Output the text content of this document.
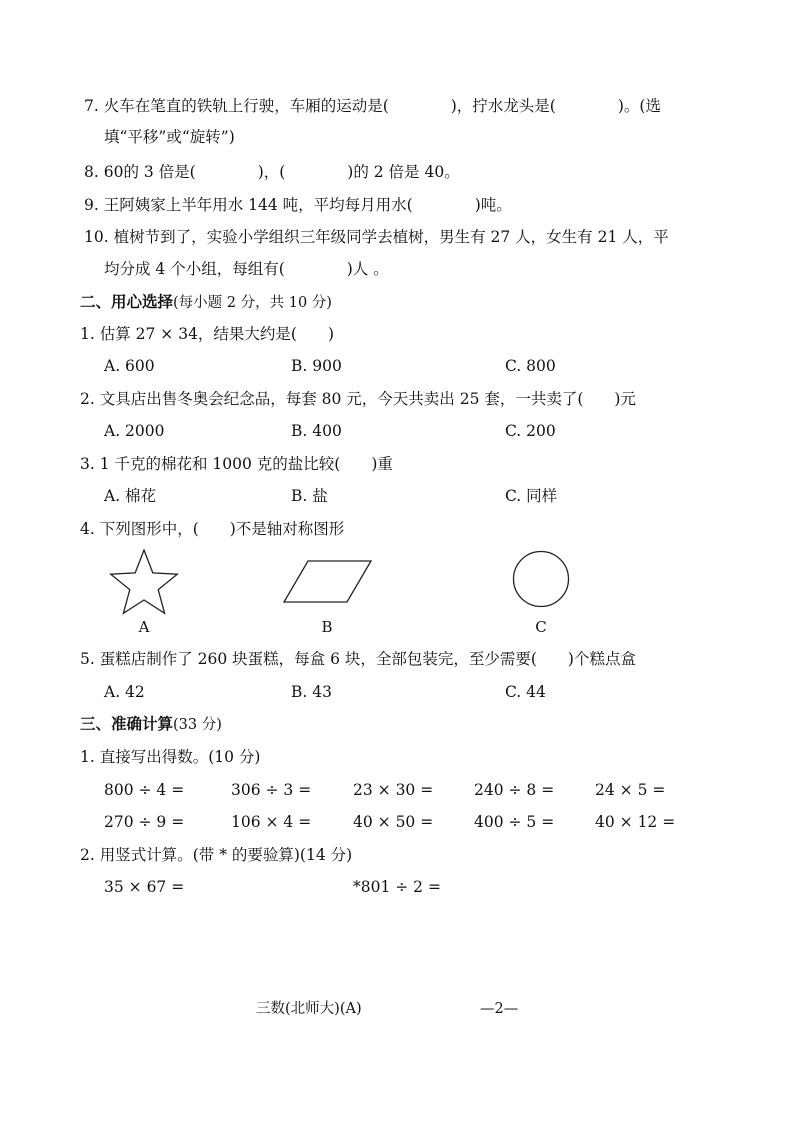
7. 火车在笔直的铁轨上行驶，车厢的运动是(　　　　)，拧水龙头是(　　　　)。(选
填“平移”或“旋转”)
8. 60的 3 倍是(　　　　)，(　　　　)的 2 倍是 40。
9. 王阿姨家上半年用水 144 吨，平均每月用水(　　　　)吨。
10. 植树节到了，实验小学组织三年级同学去植树，男生有 27 人，女生有 21 人，平
均分成 4 个小组，每组有(　　　　)人 。
二、用心选择(每小题 2 分，共 10 分)
1. 估算 27 × 34，结果大约是(　　)
A. 600	B. 900	C. 800
2. 文具店出售冬奥会纪念品，每套 80 元，今天共卖出 25 套，一共卖了(　　)元
A. 2000	B. 400	C. 200
3. 1 千克的棉花和 1000 克的盐比较(　　)重
A. 棉花	B. 盐	C. 同样
4. 下列图形中，(　　)不是轴对称图形
A	B	C
5. 蛋糕店制作了 260 块蛋糕，每盒 6 块，全部包装完，至少需要(　　)个糕点盒
A. 42	B. 43	C. 44
三、准确计算(33 分)
1. 直接写出得数。(10 分)
800 ÷ 4 =	306 ÷ 3 =	23 × 30 =	240 ÷ 8 =	24 × 5 =
270 ÷ 9 =	106 × 4 =	40 × 50 =	400 ÷ 5 =	40 × 12 =
2. 用竖式计算。(带 * 的要验算)(14 分)
35 × 67 =	*801 ÷ 2 =
三数(北师大)(A)	—2—
